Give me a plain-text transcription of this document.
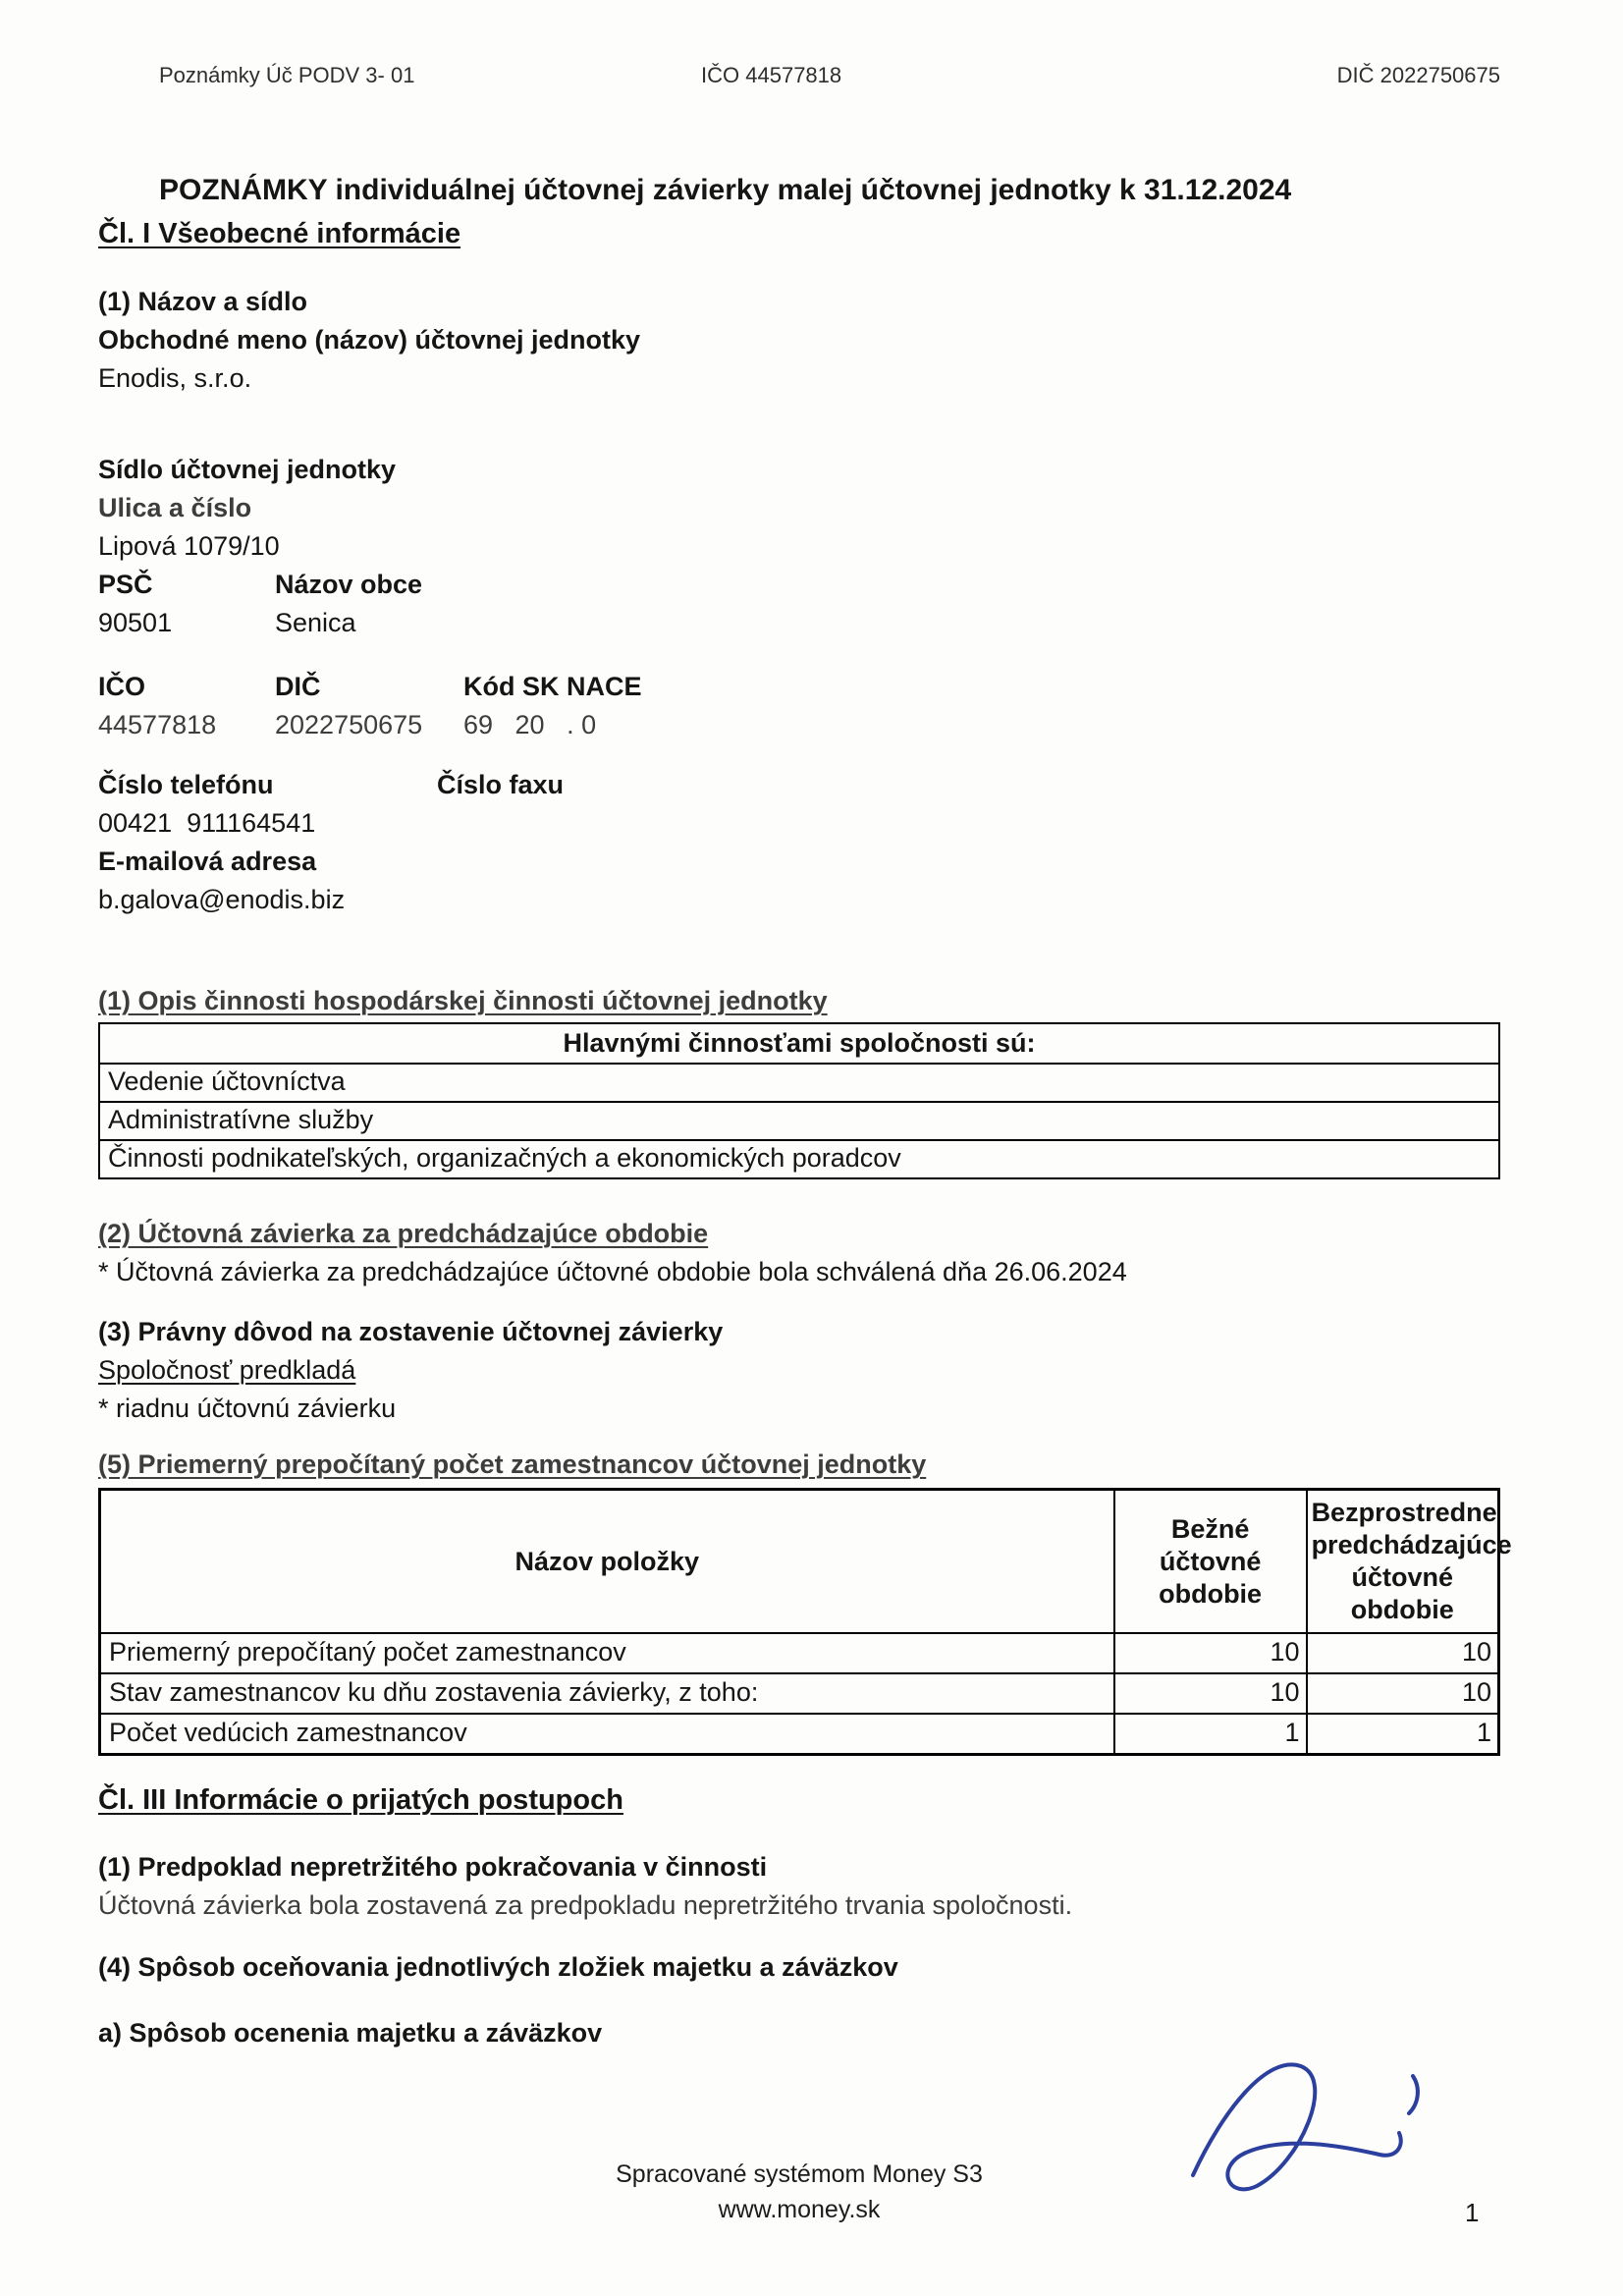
Poznámky Úč PODV 3- 01	IČO 44577818	DIČ 2022750675
POZNÁMKY individuálnej účtovnej závierky malej účtovnej jednotky k 31.12.2024
Čl. I Všeobecné informácie
(1) Názov a sídlo
Obchodné meno (názov) účtovnej jednotky
Enodis, s.r.o.
Sídlo účtovnej jednotky
Ulica a číslo
Lipová 1079/10
PSČ	Názov obce
90501	Senica
IČO	DIČ	Kód SK NACE
44577818	2022750675	69   20   . 0
Číslo telefónu	Číslo faxu
00421  911164541
E-mailová adresa
b.galova@enodis.biz
(1) Opis činnosti hospodárskej činnosti účtovnej jednotky
Hlavnými činnosťami spoločnosti sú:
Vedenie účtovníctva
Administratívne služby
Činnosti podnikateľských, organizačných a ekonomických poradcov
(2) Účtovná závierka za predchádzajúce obdobie
* Účtovná závierka za predchádzajúce účtovné obdobie bola schválená dňa 26.06.2024
(3) Právny dôvod na zostavenie účtovnej závierky
Spoločnosť predkladá
* riadnu účtovnú závierku
(5) Priemerný prepočítaný počet zamestnancov účtovnej jednotky
Názov položky	Bežné účtovné obdobie	Bezprostredne predchádzajúce účtovné obdobie
Priemerný prepočítaný počet zamestnancov	10	10
Stav zamestnancov ku dňu zostavenia závierky, z toho:	10	10
Počet vedúcich zamestnancov	1	1
Čl. III Informácie o prijatých postupoch
(1) Predpoklad nepretržitého pokračovania v činnosti
Účtovná závierka bola zostavená za predpokladu nepretržitého trvania spoločnosti.
(4) Spôsob oceňovania jednotlivých zložiek majetku a záväzkov
a) Spôsob ocenenia majetku a záväzkov
Spracované systémom Money S3
www.money.sk	1
